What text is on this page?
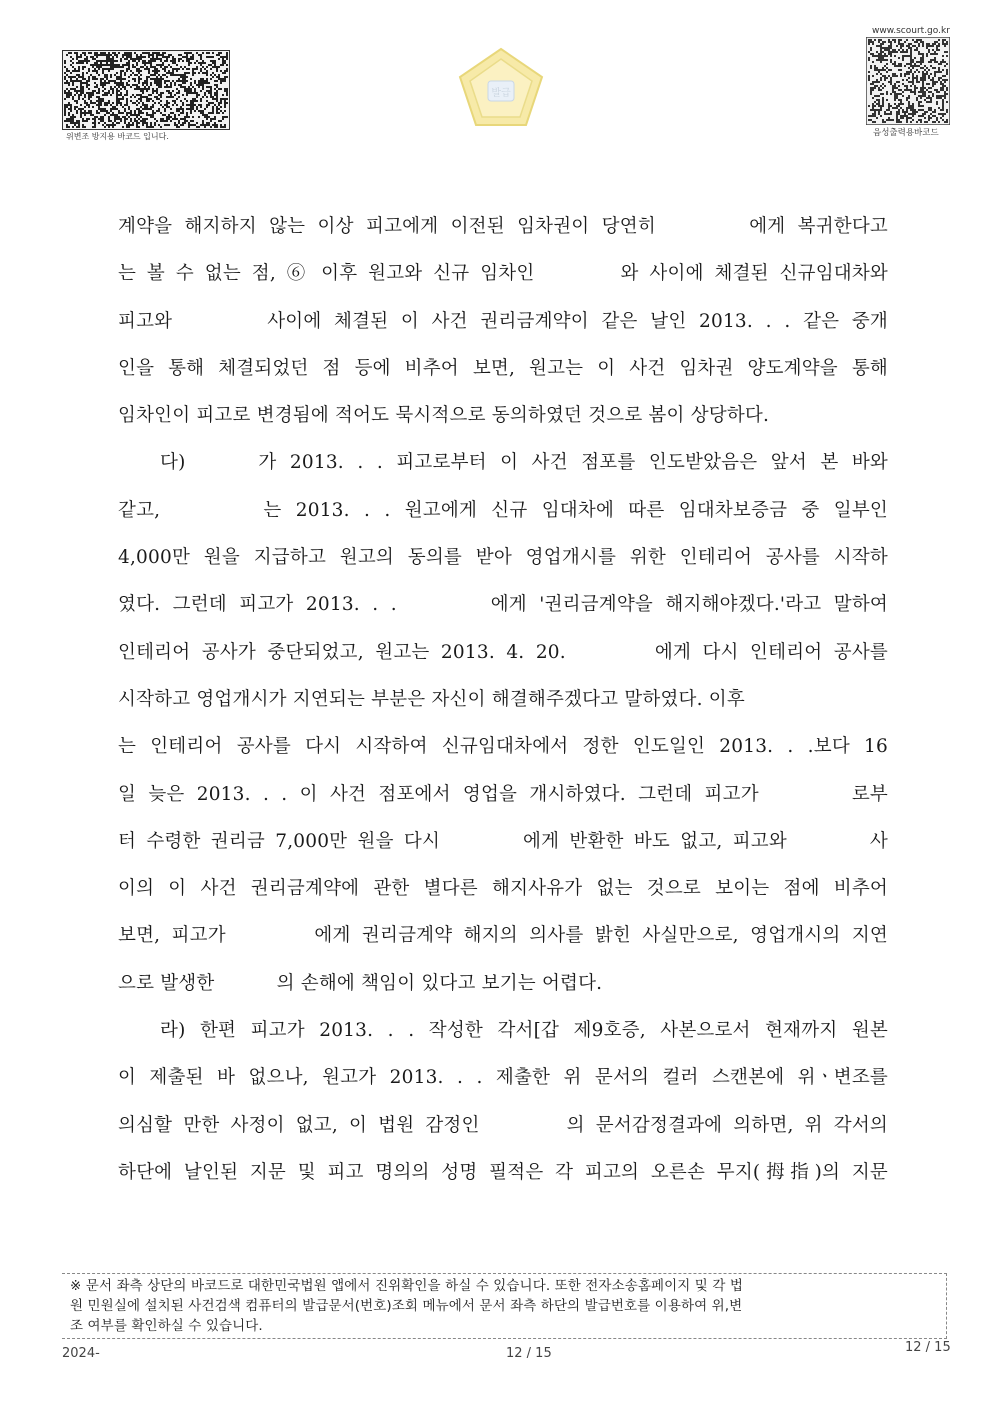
위변조 방지용 바코드 입니다.
발급
www.scourt.go.kr
음성출력용바코드
계약을 해지하지 않는 이상 피고에게 이전된 임차권이 당연히　　　 에게 복귀한다고
는 볼 수 없는 점, ⑥ 이후 원고와 신규 임차인　　　 와 사이에 체결된 신규임대차와
피고와　　　 사이에 체결된 이 사건 권리금계약이 같은 날인 2013. . . 같은 중개
인을 통해 체결되었던 점 등에 비추어 보면, 원고는 이 사건 임차권 양도계약을 통해
임차인이 피고로 변경됨에 적어도 묵시적으로 동의하였던 것으로 봄이 상당하다.
다)　　 가 2013. . . 피고로부터 이 사건 점포를 인도받았음은 앞서 본 바와
같고,　　　 는 2013. . . 원고에게 신규 임대차에 따른 임대차보증금 중 일부인
4,000만 원을 지급하고 원고의 동의를 받아 영업개시를 위한 인테리어 공사를 시작하
였다. 그런데 피고가 2013. . .　　　 에게 '권리금계약을 해지해야겠다.'라고 말하여
인테리어 공사가 중단되었고, 원고는 2013. 4. 20.　　　 에게 다시 인테리어 공사를
시작하고 영업개시가 지연되는 부분은 자신이 해결해주겠다고 말하였다. 이후
는 인테리어 공사를 다시 시작하여 신규임대차에서 정한 인도일인 2013. . .보다 16
일 늦은 2013. . . 이 사건 점포에서 영업을 개시하였다. 그런데 피고가　　　 로부
터 수령한 권리금 7,000만 원을 다시　　　 에게 반환한 바도 없고, 피고와　　　 사
이의 이 사건 권리금계약에 관한 별다른 해지사유가 없는 것으로 보이는 점에 비추어
보면, 피고가　　　 에게 권리금계약 해지의 의사를 밝힌 사실만으로, 영업개시의 지연
으로 발생한　　　 의 손해에 책임이 있다고 보기는 어렵다.
라) 한편 피고가 2013. . . 작성한 각서[갑 제9호증, 사본으로서 현재까지 원본
이 제출된 바 없으나, 원고가 2013. . . 제출한 위 문서의 컬러 스캔본에 위ㆍ변조를
의심할 만한 사정이 없고, 이 법원 감정인　　　 의 문서감정결과에 의하면, 위 각서의
하단에 날인된 지문 및 피고 명의의 성명 필적은 각 피고의 오른손 무지(拇指)의 지문
※ 문서 좌측 상단의 바코드로 대한민국법원 앱에서 진위확인을 하실 수 있습니다. 또한 전자소송홈페이지 및 각 법
원 민원실에 설치된 사건검색 컴퓨터의 발급문서(번호)조회 메뉴에서 문서 좌측 하단의 발급번호를 이용하여 위,변
조 여부를 확인하실 수 있습니다.
2024-	12 / 15	12 / 15
